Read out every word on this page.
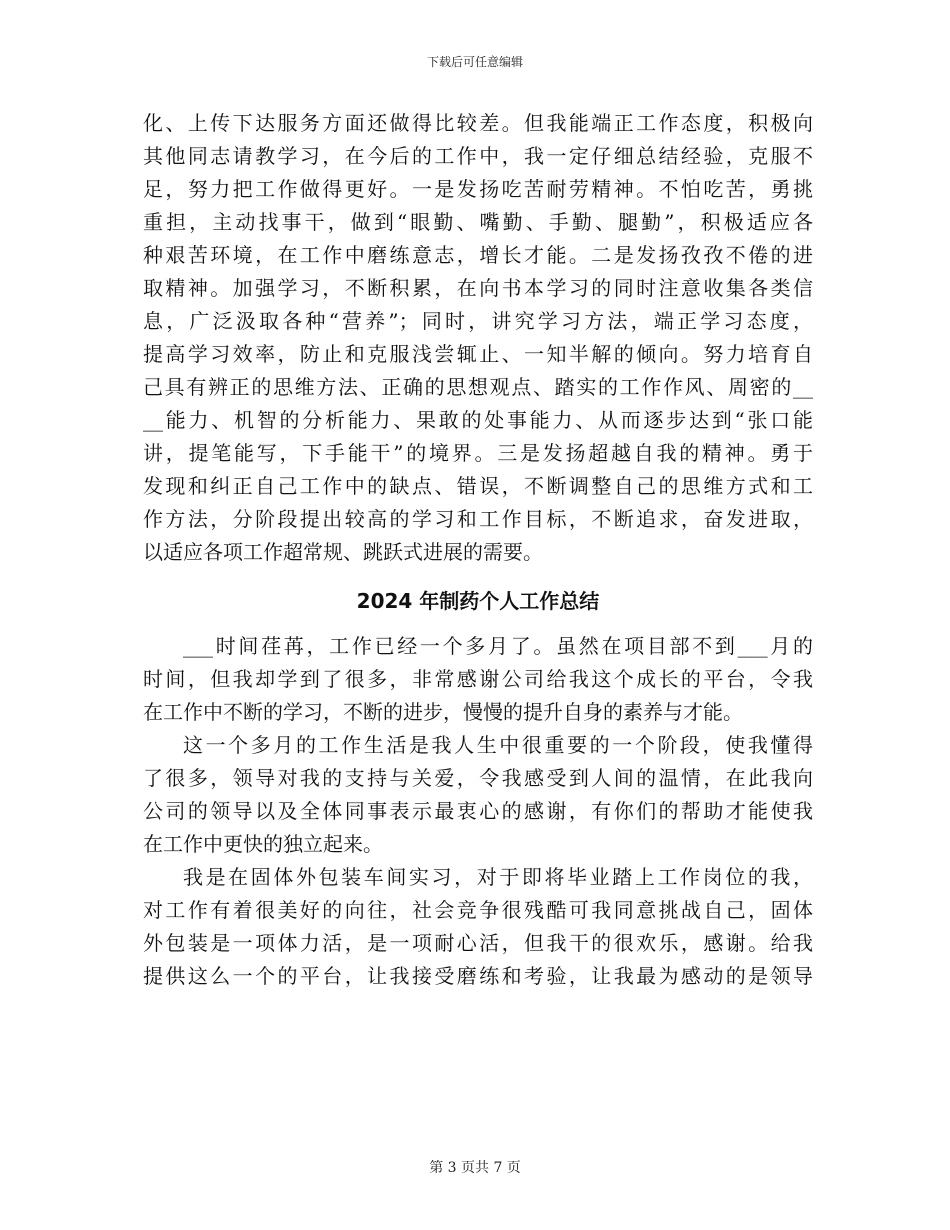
下载后可任意编辑
化、上传下达服务方面还做得比较差。但我能端正工作态度，积极向
其他同志请教学习，在今后的工作中，我一定仔细总结经验，克服不
足，努力把工作做得更好。一是发扬吃苦耐劳精神。不怕吃苦，勇挑
重担，主动找事干，做到“眼勤、嘴勤、手勤、腿勤”，积极适应各
种艰苦环境，在工作中磨练意志，增长才能。二是发扬孜孜不倦的进
取精神。加强学习，不断积累，在向书本学习的同时注意收集各类信
息，广泛汲取各种“营养”；同时，讲究学习方法，端正学习态度，
提高学习效率，防止和克服浅尝辄止、一知半解的倾向。努力培育自
己具有辨正的思维方法、正确的思想观点、踏实的工作作风、周密的__
__能力、机智的分析能力、果敢的处事能力、从而逐步达到“张口能
讲，提笔能写，下手能干”的境界。三是发扬超越自我的精神。勇于
发现和纠正自己工作中的缺点、错误，不断调整自己的思维方式和工
作方法，分阶段提出较高的学习和工作目标，不断追求，奋发进取，
以适应各项工作超常规、跳跃式进展的需要。
2024 年制药个人工作总结
___时间荏苒，工作已经一个多月了。虽然在项目部不到___月的
时间，但我却学到了很多，非常感谢公司给我这个成长的平台，令我
在工作中不断的学习，不断的进步，慢慢的提升自身的素养与才能。
这一个多月的工作生活是我人生中很重要的一个阶段，使我懂得
了很多，领导对我的支持与关爱，令我感受到人间的温情，在此我向
公司的领导以及全体同事表示最衷心的感谢，有你们的帮助才能使我
在工作中更快的独立起来。
我是在固体外包装车间实习，对于即将毕业踏上工作岗位的我，
对工作有着很美好的向往，社会竞争很残酷可我同意挑战自己，固体
外包装是一项体力活，是一项耐心活，但我干的很欢乐，感谢。给我
提供这么一个的平台，让我接受磨练和考验，让我最为感动的是领导
第 3 页共 7 页
